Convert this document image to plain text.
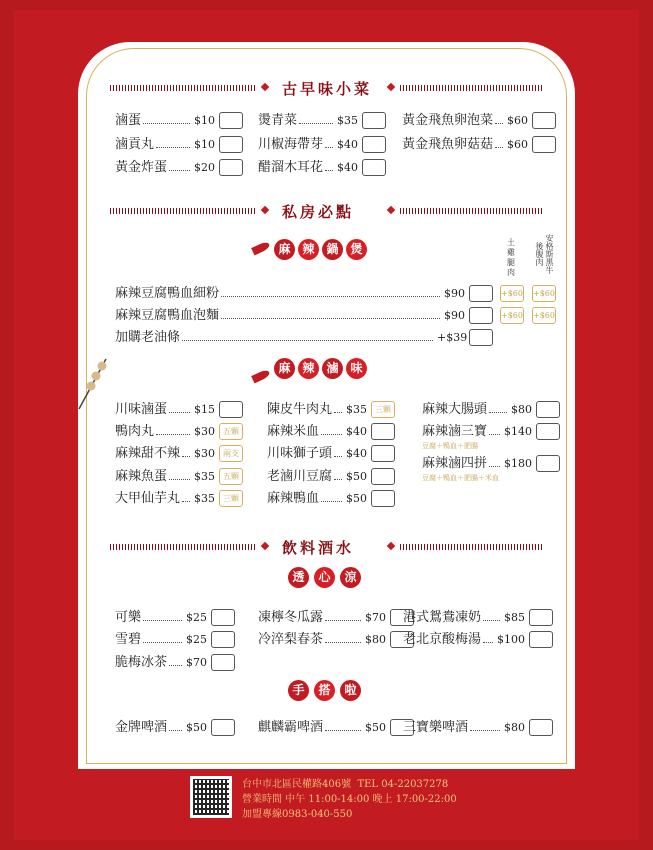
古早味小菜
滷蛋	$10
滷貢丸	$10
黃金炸蛋 $20
燙青菜	$35
川椒海帶芽 $40
醋溜木耳花 $40
黃金飛魚卵泡菜 $60
黃金飛魚卵菇菇 $60
私房必點
麻 辣 鍋 煲	土雞腿肉	安格斯黑牛後腹肉
麻辣豆腐鴨血細粉	$90	+$60 +$60
麻辣豆腐鴨血泡麵	$90	+$60 +$60
加購老油條	+$39
麻 辣 滷 味
川味滷蛋 $15
鴨肉丸	$30	五顆
麻辣甜不辣 $30	兩支
麻辣魚蛋 $35	五顆
大甲仙芋丸 $35	三顆
陳皮牛肉丸 $35	三顆
麻辣米血 $40
川味獅子頭 $40
老滷川豆腐 $50
麻辣鴨血 $50
麻辣大腸頭 $80
麻辣滷三寶 $140
豆腐＋鴨血＋肥腸
麻辣滷四拼 $180
豆腐＋鴨血＋肥腸＋米血
飲料酒水
透	心	涼
可樂	$25
雪碧	$25
脆梅冰茶 $70
凍檸冬瓜露	$70
冷淬梨春茶	$80
港式鴛鴦凍奶 $85
老北京酸梅湯 $100
手	搭	啦
金牌啤酒 $50	麒麟霸啤酒	$50 三寶樂啤酒	$80
台中市北區民權路406號 TEL 04-22037278
營業時間 中午 11:00-14:00 晚上 17:00-22:00
加盟專線0983-040-550
